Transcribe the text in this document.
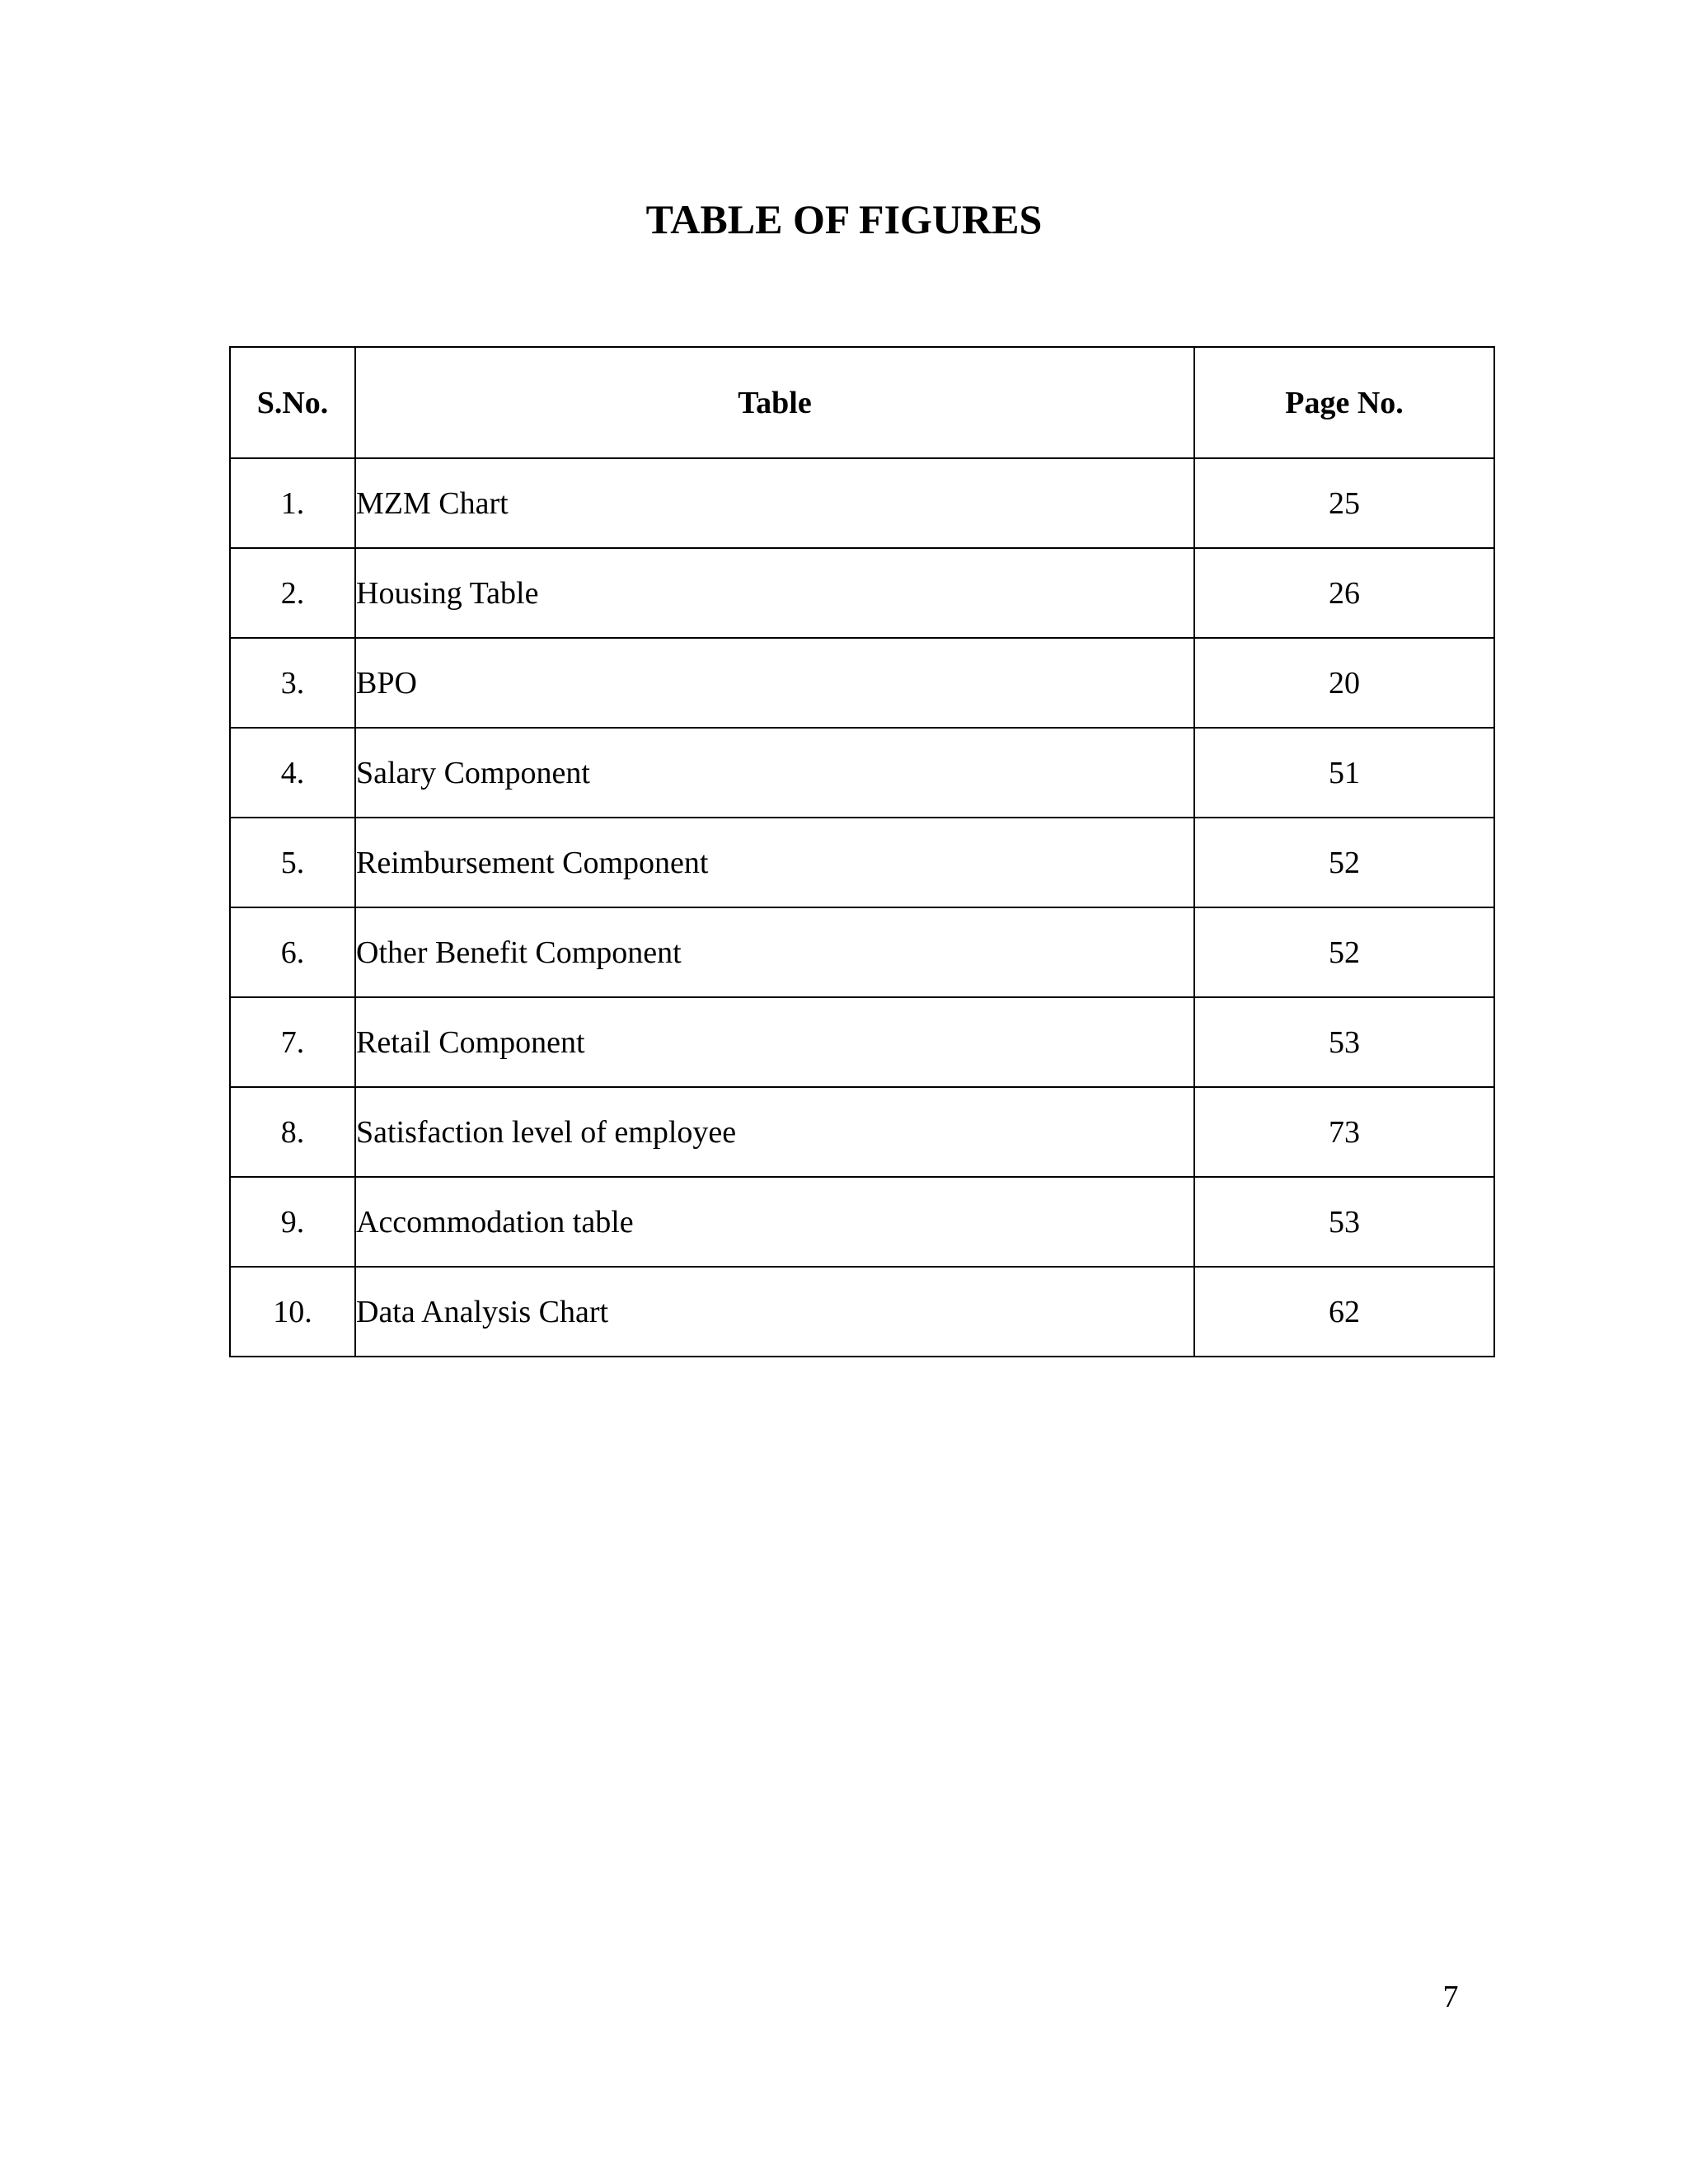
TABLE OF FIGURES
S.No.	Table	Page No.
1.	MZM Chart	25
2.	Housing Table	26
3.	BPO	20
4.	Salary Component	51
5.	Reimbursement Component	52
6.	Other Benefit Component	52
7.	Retail Component	53
8.	Satisfaction level of employee	73
9.	Accommodation table	53
10.	Data Analysis Chart	62
7
